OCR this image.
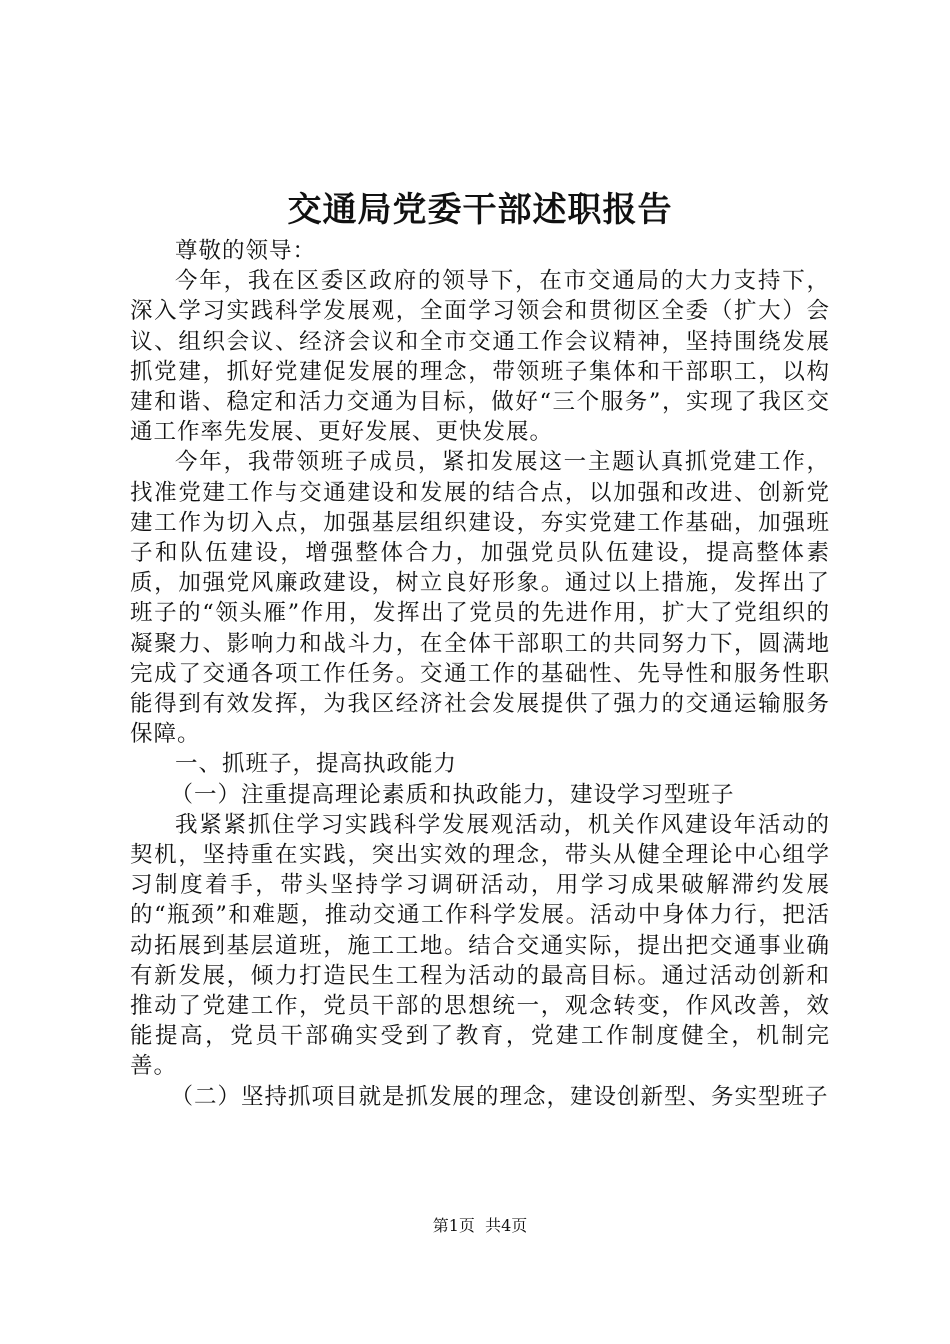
交通局党委干部述职报告

尊敬的领导：

今年，我在区委区政府的领导下，在市交通局的大力支持下，深入学习实践科学发展观，全面学习领会和贯彻区全委（扩大）会议、组织会议、经济会议和全市交通工作会议精神，坚持围绕发展抓党建，抓好党建促发展的理念，带领班子集体和干部职工，以构建和谐、稳定和活力交通为目标，做好“三个服务”，实现了我区交通工作率先发展、更好发展、更快发展。

今年，我带领班子成员，紧扣发展这一主题认真抓党建工作，找准党建工作与交通建设和发展的结合点，以加强和改进、创新党建工作为切入点，加强基层组织建设，夯实党建工作基础，加强班子和队伍建设，增强整体合力，加强党员队伍建设，提高整体素质，加强党风廉政建设，树立良好形象。通过以上措施，发挥出了班子的“领头雁”作用，发挥出了党员的先进作用，扩大了党组织的凝聚力、影响力和战斗力，在全体干部职工的共同努力下，圆满地完成了交通各项工作任务。交通工作的基础性、先导性和服务性职能得到有效发挥，为我区经济社会发展提供了强力的交通运输服务保障。

一、抓班子，提高执政能力

（一）注重提高理论素质和执政能力，建设学习型班子

我紧紧抓住学习实践科学发展观活动，机关作风建设年活动的契机，坚持重在实践，突出实效的理念，带头从健全理论中心组学习制度着手，带头坚持学习调研活动，用学习成果破解滞约发展的“瓶颈”和难题，推动交通工作科学发展。活动中身体力行，把活动拓展到基层道班，施工工地。结合交通实际，提出把交通事业确有新发展，倾力打造民生工程为活动的最高目标。通过活动创新和推动了党建工作，党员干部的思想统一，观念转变，作风改善，效能提高，党员干部确实受到了教育，党建工作制度健全，机制完善。

（二）坚持抓项目就是抓发展的理念，建设创新型、务实型班子

第1页  共4页
